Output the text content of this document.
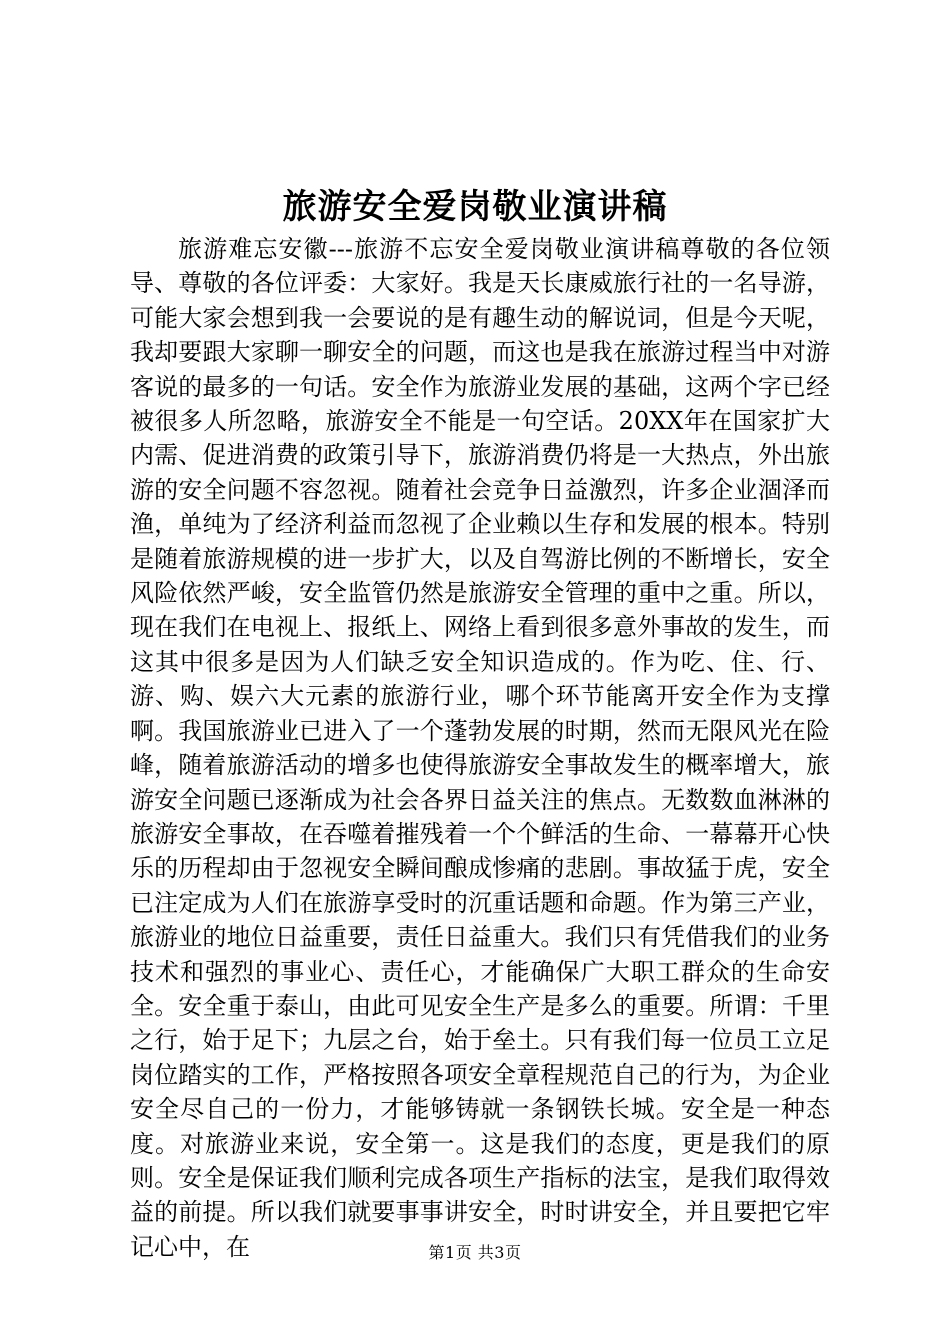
旅游安全爱岗敬业演讲稿

旅游难忘安徽---旅游不忘安全爱岗敬业演讲稿尊敬的各位领导、尊敬的各位评委：大家好。我是天长康威旅行社的一名导游，可能大家会想到我一会要说的是有趣生动的解说词，但是今天呢，我却要跟大家聊一聊安全的问题，而这也是我在旅游过程当中对游客说的最多的一句话。安全作为旅游业发展的基础，这两个字已经被很多人所忽略，旅游安全不能是一句空话。20XX年在国家扩大内需、促进消费的政策引导下，旅游消费仍将是一大热点，外出旅游的安全问题不容忽视。随着社会竞争日益激烈，许多企业涸泽而渔，单纯为了经济利益而忽视了企业赖以生存和发展的根本。特别是随着旅游规模的进一步扩大，以及自驾游比例的不断增长，安全风险依然严峻，安全监管仍然是旅游安全管理的重中之重。所以，现在我们在电视上、报纸上、网络上看到很多意外事故的发生，而这其中很多是因为人们缺乏安全知识造成的。作为吃、住、行、游、购、娱六大元素的旅游行业，哪个环节能离开安全作为支撑啊。我国旅游业已进入了一个蓬勃发展的时期，然而无限风光在险峰，随着旅游活动的增多也使得旅游安全事故发生的概率增大，旅游安全问题已逐渐成为社会各界日益关注的焦点。无数数血淋淋的旅游安全事故，在吞噬着摧残着一个个鲜活的生命、一幕幕开心快乐的历程却由于忽视安全瞬间酿成惨痛的悲剧。事故猛于虎，安全已注定成为人们在旅游享受时的沉重话题和命题。作为第三产业，旅游业的地位日益重要，责任日益重大。我们只有凭借我们的业务技术和强烈的事业心、责任心，才能确保广大职工群众的生命安全。安全重于泰山，由此可见安全生产是多么的重要。所谓：千里之行，始于足下；九层之台，始于垒土。只有我们每一位员工立足岗位踏实的工作，严格按照各项安全章程规范自己的行为，为企业安全尽自己的一份力，才能够铸就一条钢铁长城。安全是一种态度。对旅游业来说，安全第一。这是我们的态度，更是我们的原则。安全是保证我们顺利完成各项生产指标的法宝，是我们取得效益的前提。所以我们就要事事讲安全，时时讲安全，并且要把它牢记心中，在	第1页 共3页
